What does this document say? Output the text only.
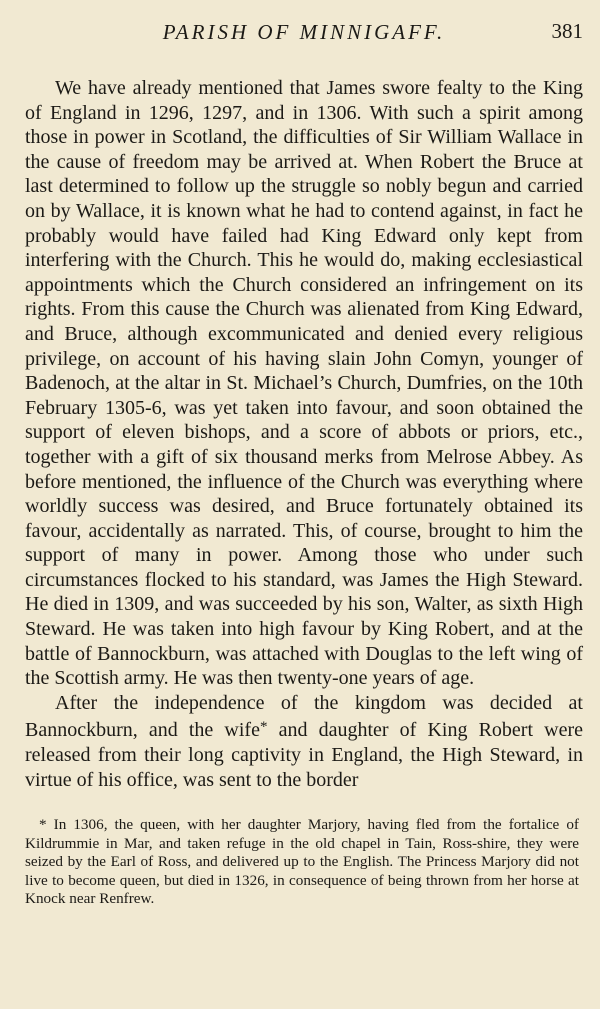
PARISH OF MINNIGAFF.	381

We have already mentioned that James swore fealty to the King of England in 1296, 1297, and in 1306. With such a spirit among those in power in Scotland, the difficulties of Sir William Wallace in the cause of freedom may be arrived at. When Robert the Bruce at last determined to follow up the struggle so nobly begun and carried on by Wallace, it is known what he had to contend against, in fact he probably would have failed had King Edward only kept from interfering with the Church. This he would do, making ecclesiastical appointments which the Church considered an infringement on its rights. From this cause the Church was alienated from King Edward, and Bruce, although excommunicated and denied every religious privilege, on account of his having slain John Comyn, younger of Badenoch, at the altar in St. Michael’s Church, Dumfries, on the 10th February 1305-6, was yet taken into favour, and soon obtained the support of eleven bishops, and a score of abbots or priors, etc., together with a gift of six thousand merks from Melrose Abbey. As before mentioned, the influence of the Church was everything where worldly success was desired, and Bruce fortunately obtained its favour, accidentally as narrated. This, of course, brought to him the support of many in power. Among those who under such circumstances flocked to his standard, was James the High Steward. He died in 1309, and was succeeded by his son, Walter, as sixth High Steward. He was taken into high favour by King Robert, and at the battle of Bannockburn, was attached with Douglas to the left wing of the Scottish army. He was then twenty-one years of age.

After the independence of the kingdom was decided at Bannockburn, and the wife* and daughter of King Robert were released from their long captivity in England, the High Steward, in virtue of his office, was sent to the border

* In 1306, the queen, with her daughter Marjory, having fled from the fortalice of Kildrummie in Mar, and taken refuge in the old chapel in Tain, Ross-shire, they were seized by the Earl of Ross, and delivered up to the English. The Princess Marjory did not live to become queen, but died in 1326, in consequence of being thrown from her horse at Knock near Renfrew.
